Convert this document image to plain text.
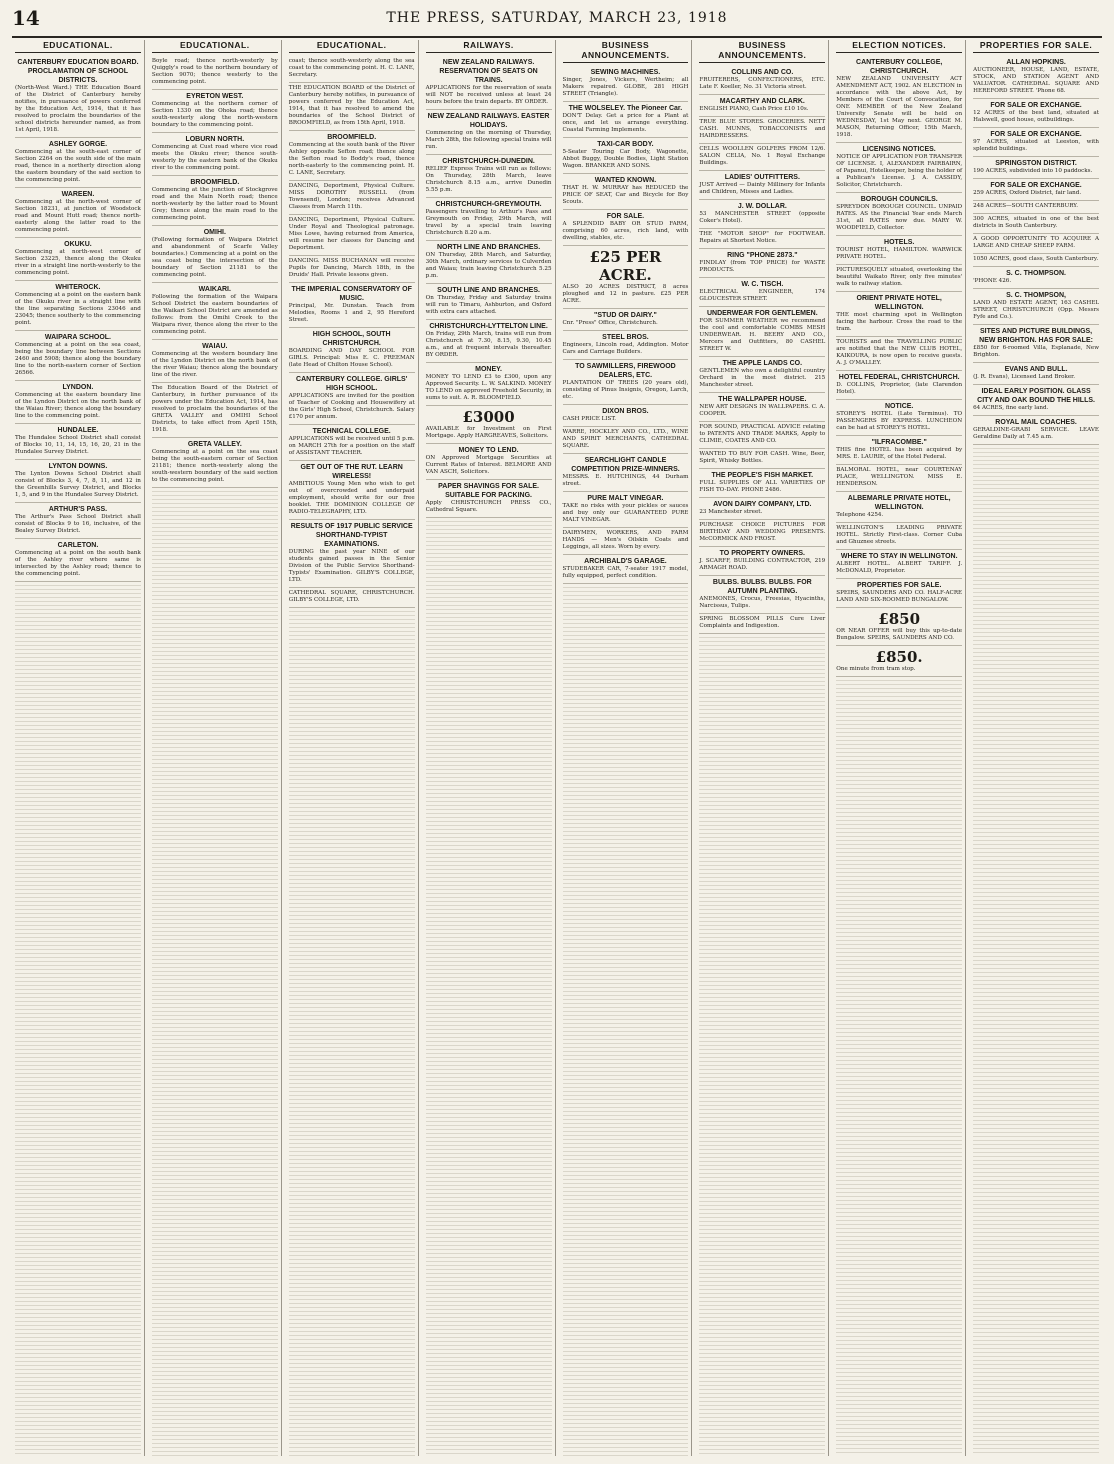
14	THE PRESS, SATURDAY, MARCH 23, 1918
EDUCATIONAL.
CANTERBURY EDUCATION BOARD. PROCLAMATION OF SCHOOL DISTRICTS.
(North-West Ward.) THE Education Board of the District of Canterbury hereby notifies, in pursuance of powers conferred by the Education Act, 1914, that it has resolved to proclaim the boundaries of the school districts hereunder named, as from 1st April, 1918.
ASHLEY GORGE.
Commencing at the south-east corner of Section 2264 on the south side of the main road, thence in a northerly direction along the eastern boundary of the said section to the commencing point.
WAREEN.
Commencing at the north-west corner of Section 18231, at junction of Woodstock road and Mount Hutt road; thence north-easterly along the latter road to the commencing point.
OKUKU.
Commencing at north-west corner of Section 23225, thence along the Okuku river in a straight line north-westerly to the commencing point.
WHITEROCK.
Commencing at a point on the eastern bank of the Okuku river in a straight line with the line separating Sections 23046 and 23045; thence southerly to the commencing point.
WAIPARA SCHOOL.
Commencing at a point on the sea coast, being the boundary line between Sections 2460 and 5908; thence along the boundary line to the north-eastern corner of Section 26566.
LYNDON.
Commencing at the eastern boundary line of the Lyndon District on the north bank of the Waiau River; thence along the boundary line to the commencing point.
HUNDALEE.
The Hundalee School District shall consist of Blocks 10, 11, 14, 15, 16, 20, 21 in the Hundalee Survey District.
LYNTON DOWNS.
The Lynton Downs School District shall consist of Blocks 3, 4, 7, 8, 11, and 12 in the Greenhills Survey District, and Blocks 1, 5, and 9 in the Hundalee Survey District.
ARTHUR'S PASS.
The Arthur's Pass School District shall consist of Blocks 9 to 16, inclusive, of the Bealey Survey District.
CARLETON.
Commencing at a point on the south bank of the Ashley river where same is intersected by the Ashley road; thence to the commencing point.
EDUCATIONAL.
Boyle road; thence north-westerly by Quiggly's road to the northern boundary of Section 9070; thence westerly to the commencing point.
EYRETON WEST.
Commencing at the northern corner of Section 1330 on the Ohoka road; thence south-westerly along the north-western boundary to the commencing point.
LOBURN NORTH.
Commencing at Cust road where vice road meets the Okuku river; thence south-westerly by the eastern bank of the Okuku river to the commencing point.
BROOMFIELD.
Commencing at the junction of Stockgrove road and the Main North road; thence north-westerly by the latter road to Mount Grey; thence along the main road to the commencing point.
OMIHI.
(Following formation of Waipara District and abandonment of Scarfe Valley boundaries.) Commencing at a point on the sea coast being the intersection of the boundary of Section 21181 to the commencing point.
WAIKARI.
Following the formation of the Waipara School District the eastern boundaries of the Waikari School District are amended as follows: from the Omihi Creek to the Waipara river, thence along the river to the commencing point.
WAIAU.
Commencing at the western boundary line of the Lyndon District on the north bank of the river Waiau; thence along the boundary line of the river.
The Education Board of the District of Canterbury, in further pursuance of its powers under the Education Act, 1914, has resolved to proclaim the boundaries of the GRETA VALLEY and OMIHI School Districts, to take effect from April 15th, 1918.
GRETA VALLEY.
Commencing at a point on the sea coast being the south-eastern corner of Section 21181; thence north-westerly along the south-western boundary of the said section to the commencing point.
EDUCATIONAL.
coast; thence south-westerly along the sea coast to the commencing point. H. C. LANE, Secretary.
THE EDUCATION BOARD of the District of Canterbury hereby notifies, in pursuance of powers conferred by the Education Act, 1914, that it has resolved to amend the boundaries of the School District of BROOMFIELD, as from 15th April, 1918.
BROOMFIELD.
Commencing at the south bank of the River Ashley opposite Sefton road; thence along the Sefton road to Boddy's road, thence north-easterly to the commencing point. H. C. LANE, Secretary.
DANCING, Deportment, Physical Culture. MISS DOROTHY RUSSELL (from Townsend), London; receives Advanced Classes from March 11th.
DANCING, Deportment, Physical Culture. Under Royal and Theological patronage. Miss Lowe, having returned from America, will resume her classes for Dancing and Deportment.
DANCING. MISS BUCHANAN will receive Pupils for Dancing, March 18th, in the Druids' Hall. Private lessons given.
THE IMPERIAL CONSERVATORY OF MUSIC.
Principal, Mr. Dunstan. Teach from Melodies, Rooms 1 and 2, 95 Hereford Street.
HIGH SCHOOL, SOUTH CHRISTCHURCH.
BOARDING AND DAY SCHOOL FOR GIRLS. Principal: Miss E. C. FREEMAN (late Head of Chilton House School).
CANTERBURY COLLEGE. GIRLS' HIGH SCHOOL.
APPLICATIONS are invited for the position of Teacher of Cooking and Housewifery at the Girls' High School, Christchurch. Salary £170 per annum.
TECHNICAL COLLEGE.
APPLICATIONS will be received until 5 p.m. on MARCH 27th for a position on the staff of ASSISTANT TEACHER.
GET OUT OF THE RUT. LEARN WIRELESS!
AMBITIOUS Young Men who wish to get out of overcrowded and underpaid employment, should write for our free booklet. THE DOMINION COLLEGE OF RADIO-TELEGRAPHY, LTD.
RESULTS OF 1917 PUBLIC SERVICE SHORTHAND-TYPIST EXAMINATIONS.
DURING the past year NINE of our students gained passes in the Senior Division of the Public Service Shorthand-Typists' Examination. GILBY'S COLLEGE, LTD.
CATHEDRAL SQUARE, CHRISTCHURCH. GILBY'S COLLEGE, LTD.
RAILWAYS.
NEW ZEALAND RAILWAYS. RESERVATION OF SEATS ON TRAINS.
APPLICATIONS for the reservation of seats will NOT be received unless at least 24 hours before the train departs. BY ORDER.
NEW ZEALAND RAILWAYS. EASTER HOLIDAYS.
Commencing on the morning of Thursday, March 28th, the following special trains will run.
CHRISTCHURCH-DUNEDIN.
RELIEF Express Trains will run as follows: On Thursday, 28th March, leave Christchurch 8.15 a.m., arrive Dunedin 5.55 p.m.
CHRISTCHURCH-GREYMOUTH.
Passengers travelling to Arthur's Pass and Greymouth on Friday, 29th March, will travel by a special train leaving Christchurch 8.20 a.m.
NORTH LINE AND BRANCHES.
ON Thursday, 28th March, and Saturday, 30th March, ordinary services to Culverden and Waiau; train leaving Christchurch 5.25 p.m.
SOUTH LINE AND BRANCHES.
On Thursday, Friday and Saturday trains will run to Timaru, Ashburton, and Oxford with extra cars attached.
CHRISTCHURCH-LYTTELTON LINE.
On Friday, 29th March, trains will run from Christchurch at 7.30, 8.15, 9.30, 10.45 a.m., and at frequent intervals thereafter. BY ORDER.
MONEY.
MONEY TO LEND £3 to £300, upon any Approved Security. L. W. SALKIND. MONEY TO LEND on approved Freehold Security, in sums to suit. A. R. BLOOMFIELD.
£3000
AVAILABLE for Investment on First Mortgage. Apply HARGREAVES, Solicitors.
MONEY TO LEND.
ON Approved Mortgage Securities at Current Rates of Interest. BELMORE AND VAN ASCH, Solicitors.
PAPER SHAVINGS FOR SALE. SUITABLE FOR PACKING.
Apply CHRISTCHURCH PRESS CO., Cathedral Square.
BUSINESS ANNOUNCEMENTS.
SEWING MACHINES.
Singer, Jones, Vickers, Wertheim; all Makers repaired. GLOBE, 281 HIGH STREET (Triangle).
THE WOLSELEY. The Pioneer Car.
DON'T Delay. Get a price for a Plant at once, and let us arrange everything. Coastal Farming Implements.
TAXI-CAR BODY.
5-Seater Touring Car Body, Wagonette, Abbot Buggy, Double Bodies, Light Station Wagon. BRANKER AND SONS.
WANTED KNOWN.
THAT H. W. MURRAY has REDUCED the PRICE OF SEAT, Car and Bicycle for Boy Scouts.
FOR SALE.
A SPLENDID BABY OR STUD FARM, comprising 60 acres, rich land, with dwelling, stables, etc.
£25 PER ACRE.
ALSO 20 ACRES DISTRICT, 8 acres ploughed and 12 in pasture. £25 PER ACRE.
"STUD OR DAIRY."
Cnr. "Press" Office, Christchurch.
STEEL BROS.
Engineers, Lincoln road, Addington. Motor Cars and Carriage Builders.
TO SAWMILLERS, FIREWOOD DEALERS, ETC.
PLANTATION OF TREES (20 years old), consisting of Pinus Insignis, Oregon, Larch, etc.
DIXON BROS.
CASH PRICE LIST.
WARRE, HOCKLEY AND CO., LTD., WINE AND SPIRIT MERCHANTS, CATHEDRAL SQUARE.
SEARCHLIGHT CANDLE COMPETITION PRIZE-WINNERS.
MESSRS. E. HUTCHINGS, 44 Durham street.
PURE MALT VINEGAR.
TAKE no risks with your pickles or sauces and buy only our GUARANTEED PURE MALT VINEGAR.
DAIRYMEN, WORKERS, AND FARM HANDS — Men's Oilskin Coats and Leggings, all sizes. Worn by every.
ARCHIBALD'S GARAGE.
STUDEBAKER CAR, 7-seater 1917 model, fully equipped, perfect condition.
BUSINESS ANNOUNCEMENTS.
COLLINS AND CO.
FRUITERERS, CONFECTIONERS, ETC. Late F. Koeller, No. 31 Victoria street.
MACARTHY AND CLARK.
ENGLISH PIANO, Cash Price £10 10s.
TRUE BLUE STORES. GROCERIES. NETT CASH. MUNNS, TOBACCONISTS and HAIRDRESSERS.
CELLS WOOLLEN GOLFERS FROM 12/6. SALON CELIA, No. 1 Royal Exchange Buildings.
LADIES' OUTFITTERS.
JUST Arrived — Dainty Millinery for Infants and Children, Misses and Ladies.
J. W. DOLLAR.
53 MANCHESTER STREET (opposite Coker's Hotel).
THE "MOTOR SHOP" for FOOTWEAR. Repairs at Shortest Notice.
RING "PHONE 2873."
FINDLAY (from TOP PRICE) for WASTE PRODUCTS.
W. C. TISCH.
ELECTRICAL ENGINEER, 174 GLOUCESTER STREET.
UNDERWEAR FOR GENTLEMEN.
FOR SUMMER WEATHER we recommend the cool and comfortable COMBS MESH UNDERWEAR. H. BEERY AND CO., Mercers and Outfitters, 80 CASHEL STREET W.
THE APPLE LANDS CO.
GENTLEMEN who own a delightful country Orchard in the most district. 215 Manchester street.
THE WALLPAPER HOUSE.
NEW ART DESIGNS IN WALLPAPERS. C. A. COOPER.
FOR SOUND, PRACTICAL ADVICE relating to PATENTS AND TRADE MARKS, Apply to CLIMIE, COATES AND CO.
WANTED TO BUY FOR CASH. Wine, Beer, Spirit, Whisky Bottles.
THE PEOPLE'S FISH MARKET.
FULL SUPPLIES OF ALL VARIETIES OF FISH TO-DAY. PHONE 2486.
AVON DAIRY COMPANY, LTD.
23 Manchester street.
PURCHASE CHOICE PICTURES FOR BIRTHDAY AND WEDDING PRESENTS. McCORMICK AND FROST.
TO PROPERTY OWNERS.
J. SCARFF, BUILDING CONTRACTOR, 219 ARMAGH ROAD.
BULBS. BULBS. BULBS. FOR AUTUMN PLANTING.
ANEMONES, Crocus, Freesias, Hyacinths, Narcissus, Tulips.
SPRING BLOSSOM PILLS Cure Liver Complaints and Indigestion.
ELECTION NOTICES.
CANTERBURY COLLEGE, CHRISTCHURCH.
NEW ZEALAND UNIVERSITY ACT AMENDMENT ACT, 1902. AN ELECTION in accordance with the above Act, by Members of the Court of Convocation, for ONE MEMBER of the New Zealand University Senate will be held on WEDNESDAY, 1st May next. GEORGE M. MASON, Returning Officer, 15th March, 1918.
LICENSING NOTICES.
NOTICE OF APPLICATION FOR TRANSFER OF LICENSE. I, ALEXANDER FAIRBAIRN, of Papanui, Hotelkeeper, being the holder of a Publican's License. J. A. CASSIDY, Solicitor, Christchurch.
BOROUGH COUNCILS.
SPREYDON BOROUGH COUNCIL. UNPAID RATES. AS the Financial Year ends March 31st, all RATES now due. MARY W. WOODFIELD, Collector.
HOTELS.
TOURIST HOTEL, HAMILTON. WARWICK PRIVATE HOTEL.
PICTURESQUELY situated, overlooking the beautiful Waikato River, only five minutes' walk to railway station.
ORIENT PRIVATE HOTEL, WELLINGTON.
THE most charming spot in Wellington facing the harbour. Cross the road to the tram.
TOURISTS and the TRAVELLING PUBLIC are notified that the NEW CLUB HOTEL, KAIKOURA, is now open to receive guests. A. J. O'MALLEY.
HOTEL FEDERAL, CHRISTCHURCH.
D. COLLINS, Proprietor, (late Clarendon Hotel).
NOTICE.
STOREY'S HOTEL (Late Terminus). TO PASSENGERS BY EXPRESS. LUNCHEON can be had at STOREY'S HOTEL.
"ILFRACOMBE."
THIS fine HOTEL has been acquired by MRS. E. LAURIE, of the Hotel Federal.
BALMORAL HOTEL, near COURTENAY PLACE, WELLINGTON. MISS E. HENDERSON.
ALBEMARLE PRIVATE HOTEL, WELLINGTON.
Telephone 4254.
WELLINGTON'S LEADING PRIVATE HOTEL. Strictly First-class. Corner Cuba and Ghuznee streets.
WHERE TO STAY IN WELLINGTON.
ALBERT HOTEL. ALBERT TARIFF. J. McDONALD, Proprietor.
PROPERTIES FOR SALE.
SPEIRS, SAUNDERS AND CO. HALF-ACRE LAND AND SIX-ROOMED BUNGALOW.
£850
OR NEAR OFFER will buy this up-to-date Bungalow. SPEIRS, SAUNDERS AND CO.
£850.
One minute from tram stop.
PROPERTIES FOR SALE.
ALLAN HOPKINS.
AUCTIONEER, HOUSE, LAND, ESTATE, STOCK, AND STATION AGENT AND VALUATOR. CATHEDRAL SQUARE AND HEREFORD STREET. 'Phone 68.
FOR SALE OR EXCHANGE.
12 ACRES of the best land, situated at Halswell, good house, outbuildings.
FOR SALE OR EXCHANGE.
97 ACRES, situated at Leeston, with splendid buildings.
SPRINGSTON DISTRICT.
190 ACRES, subdivided into 10 paddocks.
FOR SALE OR EXCHANGE.
259 ACRES, Oxford District, fair land.
248 ACRES—SOUTH CANTERBURY.
300 ACRES, situated in one of the best districts in South Canterbury.
A GOOD OPPORTUNITY TO ACQUIRE A LARGE AND CHEAP SHEEP FARM.
1050 ACRES, good class, South Canterbury.
S. C. THOMPSON.
'PHONE 426.
S. C. THOMPSON,
LAND AND ESTATE AGENT, 163 CASHEL STREET, CHRISTCHURCH (Opp. Messrs Fyfe and Co.).
SITES AND PICTURE BUILDINGS, NEW BRIGHTON. HAS FOR SALE:
£850 for 6-roomed Villa, Esplanade, New Brighton.
EVANS AND BULL.
(J. R. Evans), Licensed Land Broker.
IDEAL EARLY POSITION. GLASS CITY AND OAK BOUND THE HILLS.
64 ACRES, fine early land.
ROYAL MAIL COACHES.
GERALDINE-GRABI SERVICE. LEAVE Geraldine Daily at 7.45 a.m.
